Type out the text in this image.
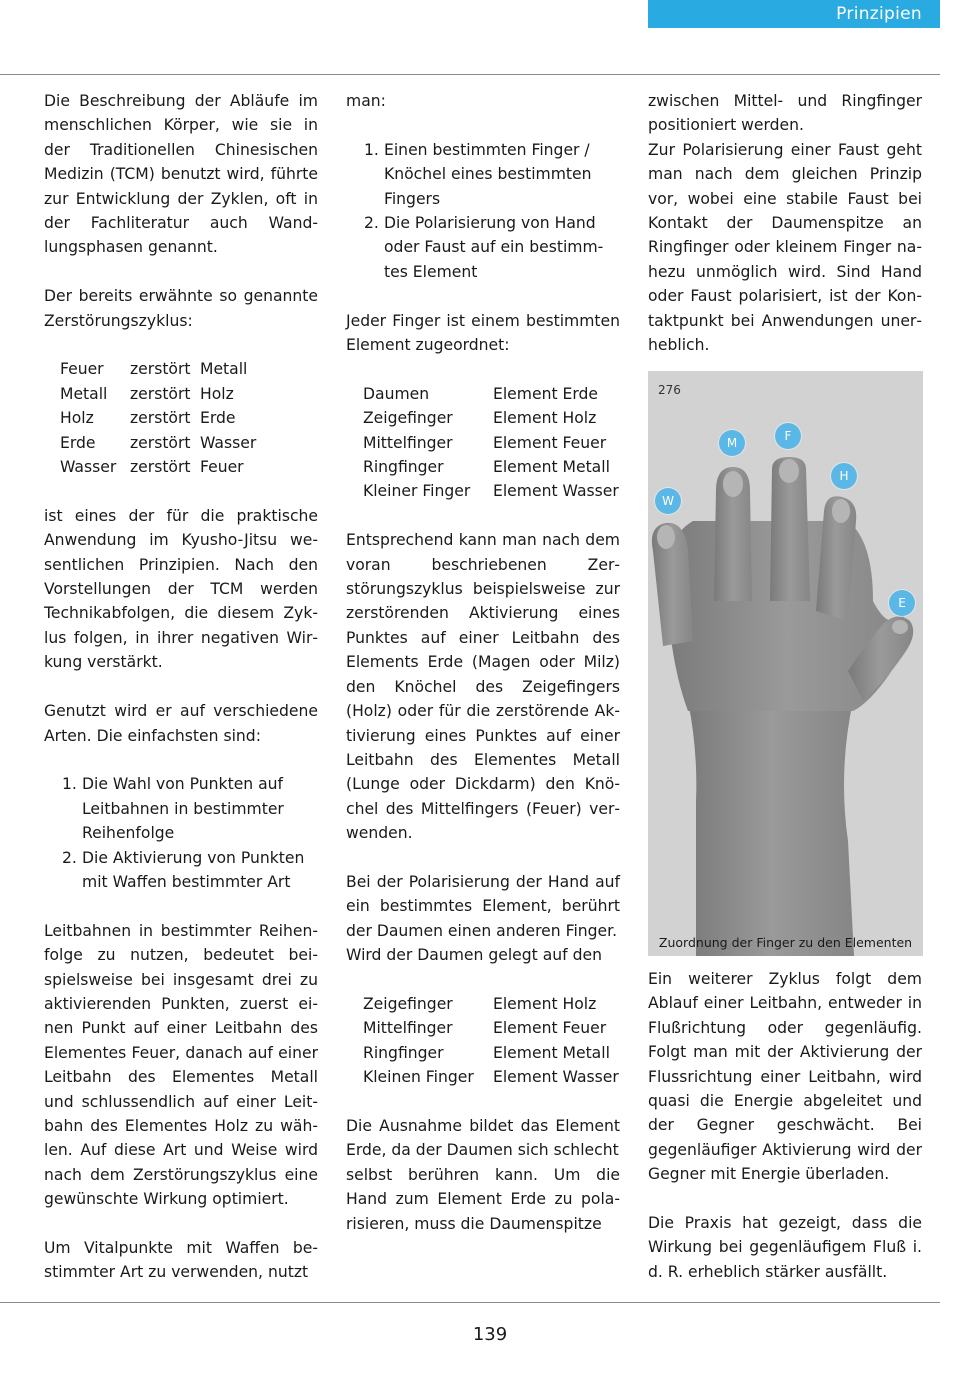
Prinzipien

Die Beschreibung der Abläufe im menschlichen Körper, wie sie in der Traditionellen Chinesischen Medizin (TCM) benutzt wird, führte zur Entwicklung der Zyklen, oft in der Fachliteratur auch Wandlungsphasen genannt.

Der bereits erwähnte so genannte Zerstörungszyklus:

Feuer	zerstört	Metall
Metall	zerstört	Holz
Holz	zerstört	Erde
Erde	zerstört	Wasser
Wasser	zerstört	Feuer

ist eines der für die praktische Anwendung im Kyusho-Jitsu wesentlichen Prinzipien. Nach den Vorstellungen der TCM werden Technikabfolgen, die diesem Zyklus folgen, in ihrer negativen Wirkung verstärkt.

Genutzt wird er auf verschiedene Arten. Die einfachsten sind:

1. Die Wahl von Punkten auf Leitbahnen in bestimmter Reihenfolge
2. Die Aktivierung von Punkten mit Waffen bestimmter Art

Leitbahnen in bestimmter Reihenfolge zu nutzen, bedeutet beispielsweise bei insgesamt drei zu aktivierenden Punkten, zuerst einen Punkt auf einer Leitbahn des Elementes Feuer, danach auf einer Leitbahn des Elementes Metall und schlussendlich auf einer Leitbahn des Elementes Holz zu wählen. Auf diese Art und Weise wird nach dem Zerstörungszyklus eine gewünschte Wirkung optimiert.

Um Vitalpunkte mit Waffen bestimmter Art zu verwenden, nutzt

man:

1. Einen bestimmten Finger / Knöchel eines bestimmten Fingers
2. Die Polarisierung von Hand oder Faust auf ein bestimmtes Element

Jeder Finger ist einem bestimmten Element zugeordnet:

Daumen	Element Erde
Zeigefinger	Element Holz
Mittelfinger	Element Feuer
Ringfinger	Element Metall
Kleiner Finger	Element Wasser

Entsprechend kann man nach dem voran beschriebenen Zerstörungszyklus beispielsweise zur zerstörenden Aktivierung eines Punktes auf einer Leitbahn des Elements Erde (Magen oder Milz) den Knöchel des Zeigefingers (Holz) oder für die zerstörende Aktivierung eines Punktes auf einer Leitbahn des Elementes Metall (Lunge oder Dickdarm) den Knöchel des Mittelfingers (Feuer) verwenden.

Bei der Polarisierung der Hand auf ein bestimmtes Element, berührt der Daumen einen anderen Finger.

Wird der Daumen gelegt auf den

Zeigefinger	Element Holz
Mittelfinger	Element Feuer
Ringfinger	Element Metall
Kleinen Finger	Element Wasser

Die Ausnahme bildet das Element Erde, da der Daumen sich schlecht

selbst berühren kann. Um die Hand zum Element Erde zu polarisieren, muss die Daumenspitze

zwischen Mittel- und Ringfinger positioniert werden.

Zur Polarisierung einer Faust geht man nach dem gleichen Prinzip vor, wobei eine stabile Faust bei Kontakt der Daumenspitze an Ringfinger oder kleinem Finger nahezu unmöglich wird. Sind Hand oder Faust polarisiert, ist der Kontaktpunkt bei Anwendungen unerheblich.

276
W
M	F
H
E
Zuordnung der Finger zu den Elementen

Ein weiterer Zyklus folgt dem Ablauf einer Leitbahn, entweder in Flußrichtung oder gegenläufig. Folgt man mit der Aktivierung der Flussrichtung einer Leitbahn, wird quasi die Energie abgeleitet und der Gegner geschwächt. Bei gegenläufiger Aktivierung wird der Gegner mit Energie überladen.

Die Praxis hat gezeigt, dass die Wirkung bei gegenläufigem Fluß i. d. R. erheblich stärker ausfällt.

139
